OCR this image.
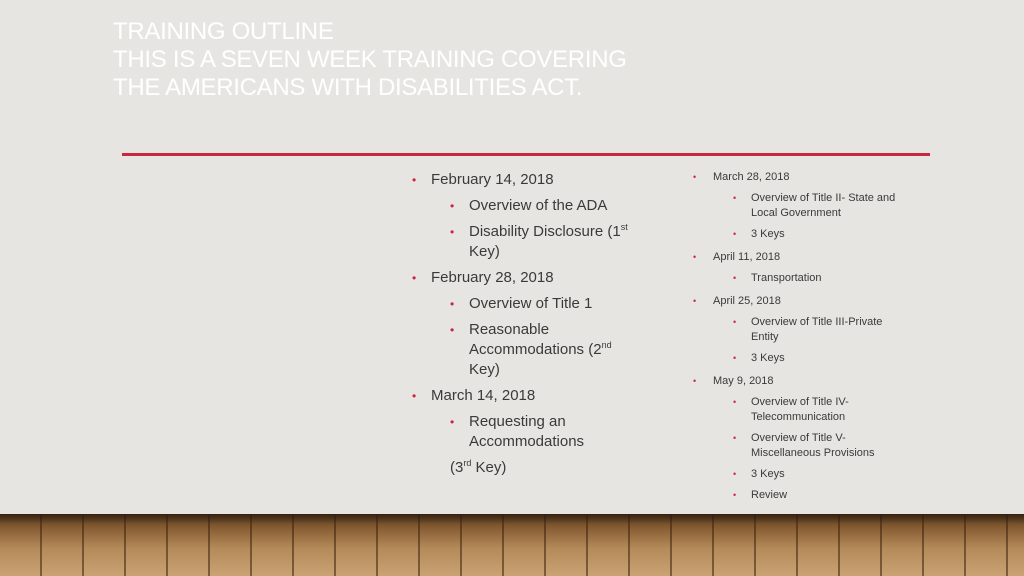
TRAINING OUTLINE
THIS IS A SEVEN WEEK TRAINING COVERING
THE AMERICANS WITH DISABILITIES ACT.
• February 14, 2018
• Overview of the ADA
• Disability Disclosure (1st
Key)
• February 28, 2018
• Overview of Title 1
• Reasonable
Accommodations (2nd
Key)
• March 14, 2018
• Requesting an
Accommodations
(3rd Key)
• March 28, 2018
• Overview of Title II- State and
Local Government
• 3 Keys
• April 11, 2018
• Transportation
• April 25, 2018
• Overview of Title III-Private
Entity
• 3 Keys
• May 9, 2018
• Overview of Title IV-
Telecommunication
• Overview of Title V-
Miscellaneous Provisions
• 3 Keys
• Review
